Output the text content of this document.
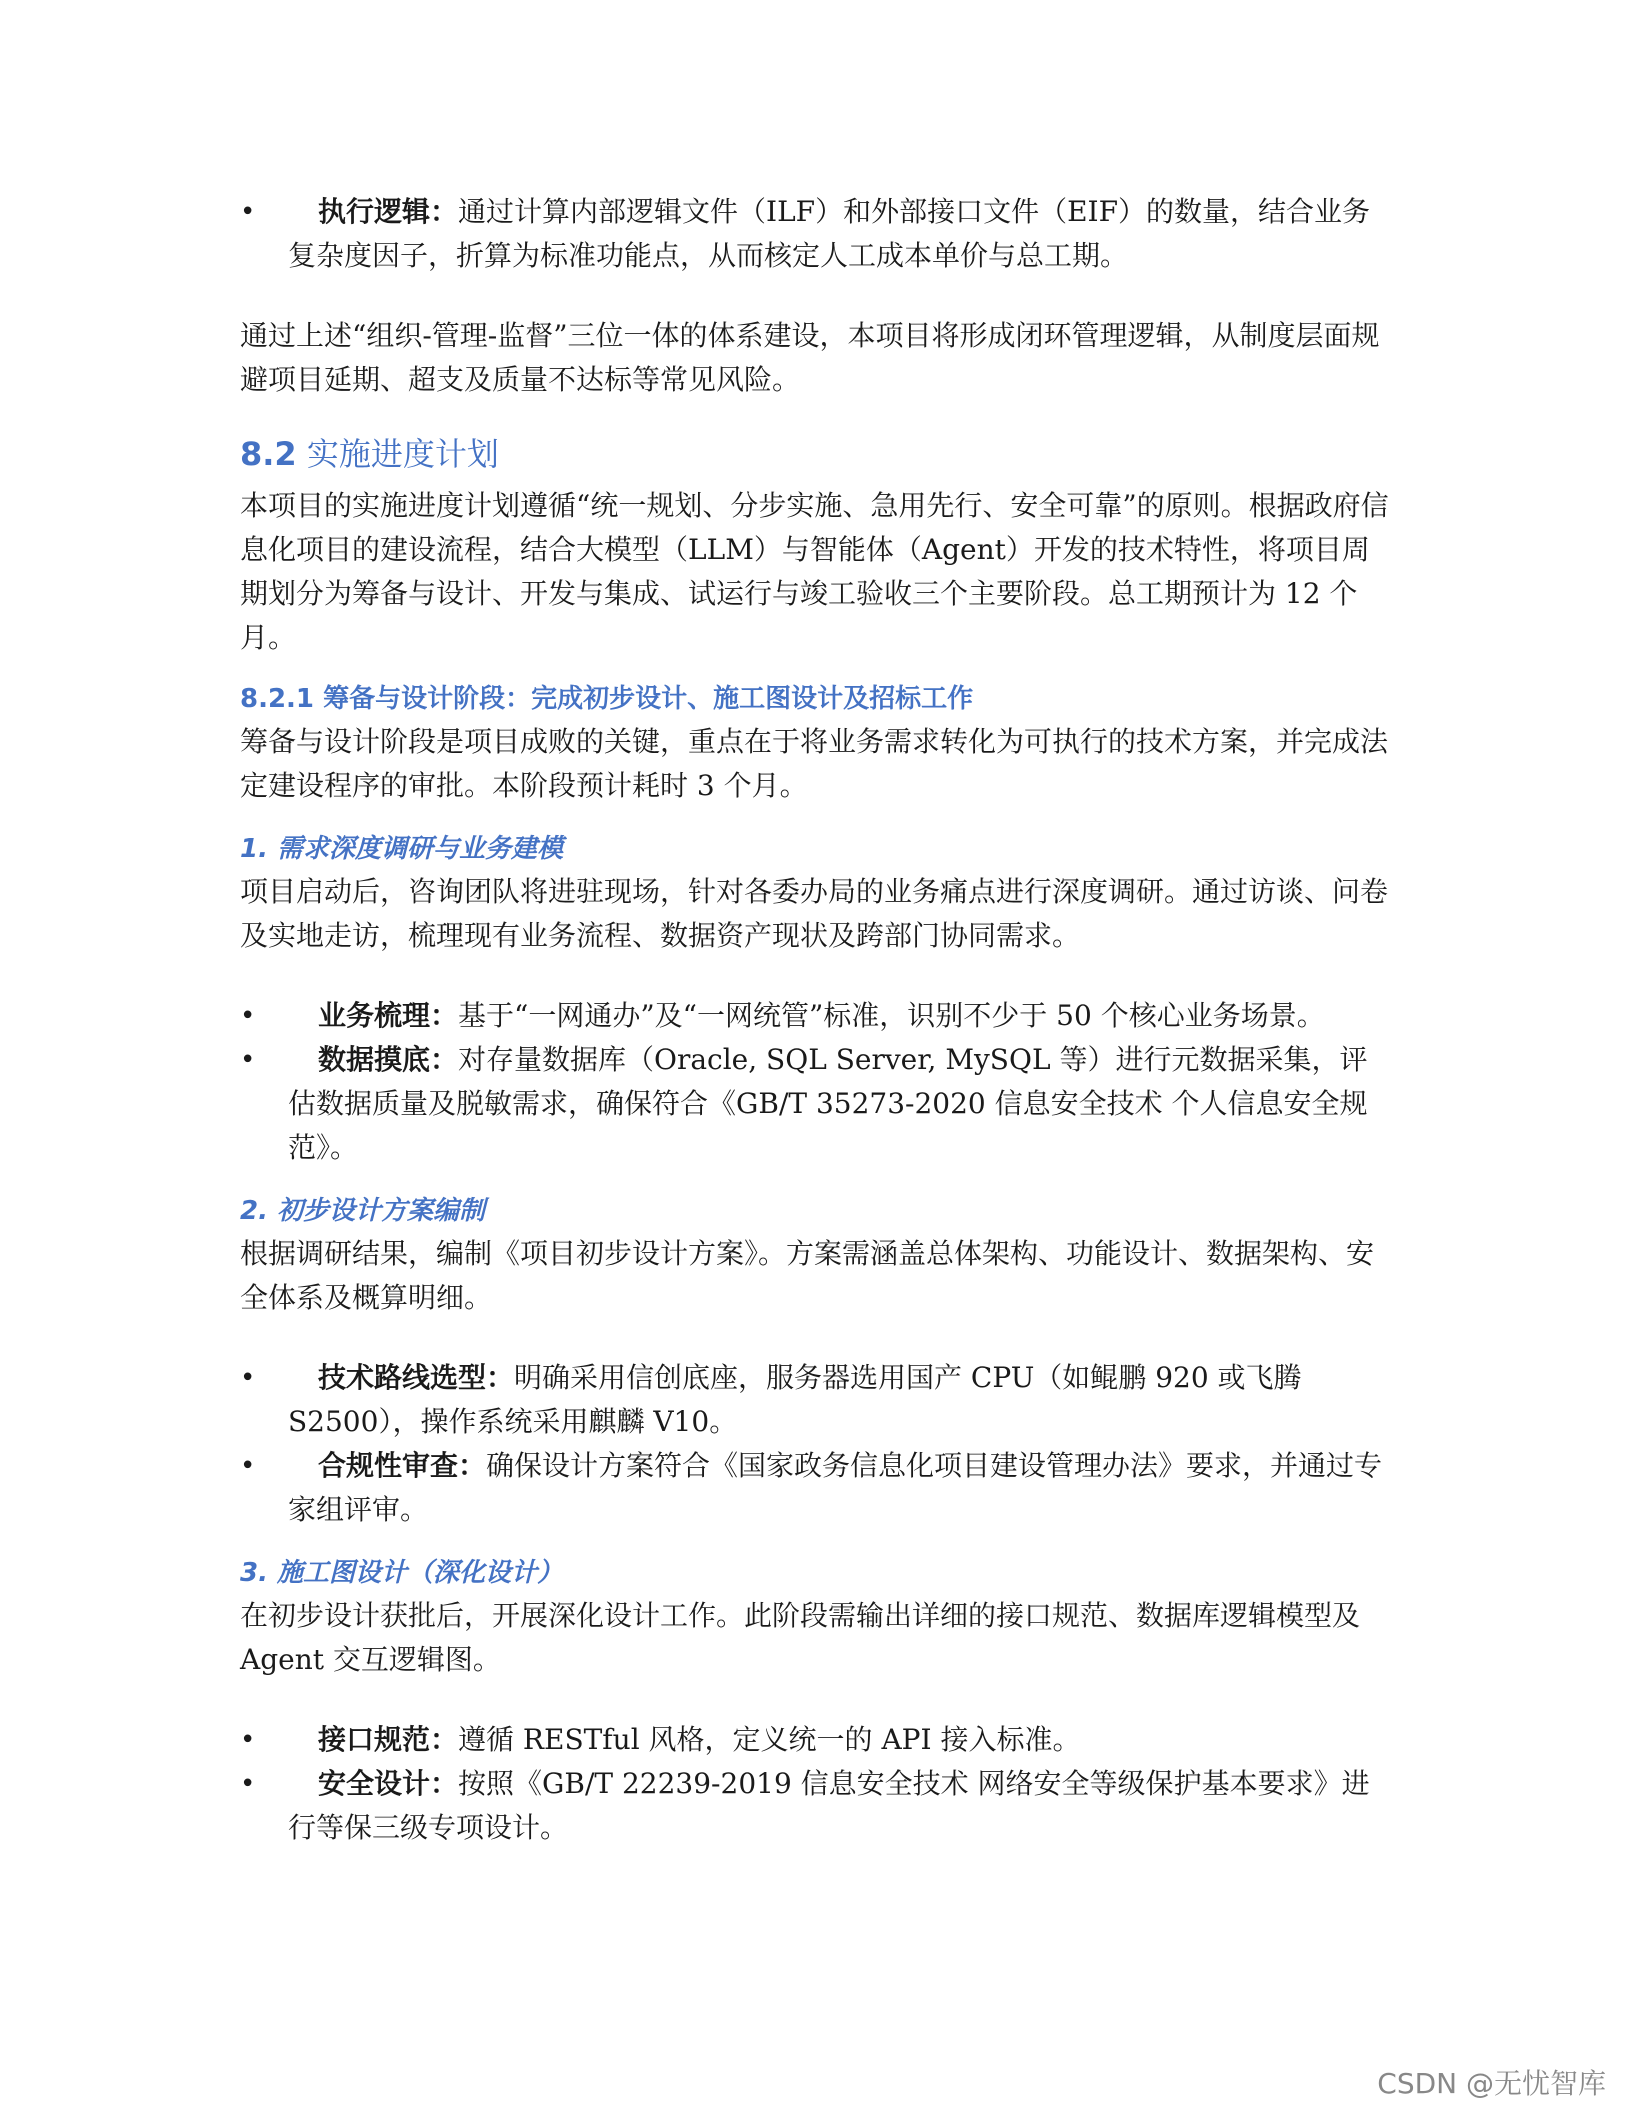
• 执行逻辑：通过计算内部逻辑文件（ILF）和外部接口文件（EIF）的数量，结合业务复杂度因子，折算为标准功能点，从而核定人工成本单价与总工期。

通过上述“组织-管理-监督”三位一体的体系建设，本项目将形成闭环管理逻辑，从制度层面规避项目延期、超支及质量不达标等常见风险。

8.2 实施进度计划

本项目的实施进度计划遵循“统一规划、分步实施、急用先行、安全可靠”的原则。根据政府信息化项目的建设流程，结合大模型（LLM）与智能体（Agent）开发的技术特性，将项目周期划分为筹备与设计、开发与集成、试运行与竣工验收三个主要阶段。总工期预计为 12 个月。

8.2.1 筹备与设计阶段：完成初步设计、施工图设计及招标工作

筹备与设计阶段是项目成败的关键，重点在于将业务需求转化为可执行的技术方案，并完成法定建设程序的审批。本阶段预计耗时 3 个月。

1. 需求深度调研与业务建模

项目启动后，咨询团队将进驻现场，针对各委办局的业务痛点进行深度调研。通过访谈、问卷及实地走访，梳理现有业务流程、数据资产现状及跨部门协同需求。

• 业务梳理：基于“一网通办”及“一网统管”标准，识别不少于 50 个核心业务场景。
• 数据摸底：对存量数据库（Oracle, SQL Server, MySQL 等）进行元数据采集，评估数据质量及脱敏需求，确保符合《GB/T 35273-2020 信息安全技术 个人信息安全规范》。
2. 初步设计方案编制

根据调研结果，编制《项目初步设计方案》。方案需涵盖总体架构、功能设计、数据架构、安全体系及概算明细。

• 技术路线选型：明确采用信创底座，服务器选用国产 CPU（如鲲鹏 920 或飞腾 S2500），操作系统采用麒麟 V10。
• 合规性审查：确保设计方案符合《国家政务信息化项目建设管理办法》要求，并通过专家组评审。
3. 施工图设计（深化设计）

在初步设计获批后，开展深化设计工作。此阶段需输出详细的接口规范、数据库逻辑模型及 Agent 交互逻辑图。

• 接口规范：遵循 RESTful 风格，定义统一的 API 接入标准。
• 安全设计：按照《GB/T 22239-2019 信息安全技术 网络安全等级保护基本要求》进行等保三级专项设计。
CSDN @无忧智库
